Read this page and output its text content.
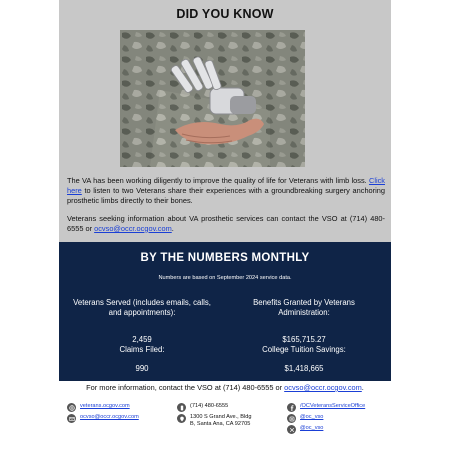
DID YOU KNOW

The VA has been working diligently to improve the quality of life for Veterans with limb loss. Click here to listen to two Veterans share their experiences with a groundbreaking surgery anchoring prosthetic limbs directly to their bones.

Veterans seeking information about VA prosthetic services can contact the VSO at (714) 480-6555 or ocvso@occr.ocgov.com.

BY THE NUMBERS MONTHLY
Numbers are based on September 2024 service data.
Veterans Served (includes emails, calls, and appointments):
2,459
Claims Filed:
990
Benefits Granted by Veterans Administration:
$165,715.27
College Tuition Savings:
$1,418,665
For more information, contact the VSO at (714) 480-6555 or ocvso@occr.ocgov.com.
veterans.ocgov.com
ocvso@occr.ocgov.com
(714) 480-6555
1300 S Grand Ave., Bldg B, Santa Ana, CA 92705
/OCVeteransServiceOffice
@oc_vso
@oc_vso
